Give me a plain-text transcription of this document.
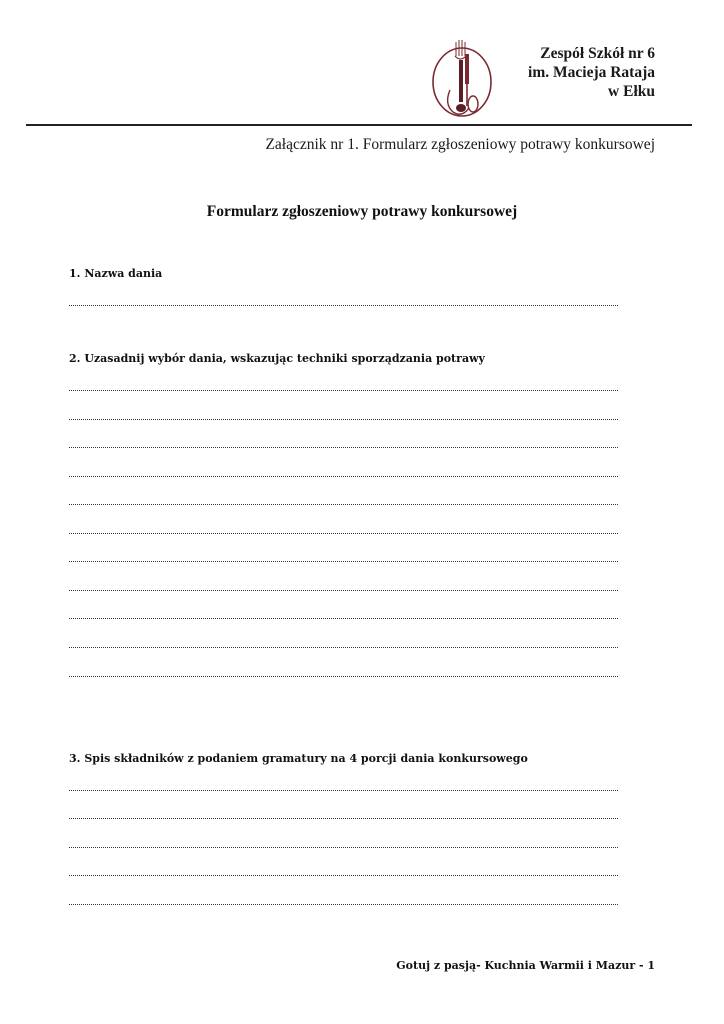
Zespół Szkół nr 6
im. Macieja Rataja
w Ełku
Załącznik nr 1. Formularz zgłoszeniowy potrawy konkursowej
Formularz zgłoszeniowy potrawy konkursowej
1. Nazwa dania
2. Uzasadnij wybór dania, wskazując techniki sporządzania potrawy
3. Spis składników z podaniem gramatury na 4 porcji dania konkursowego
Gotuj z pasją- Kuchnia Warmii i Mazur - 1
